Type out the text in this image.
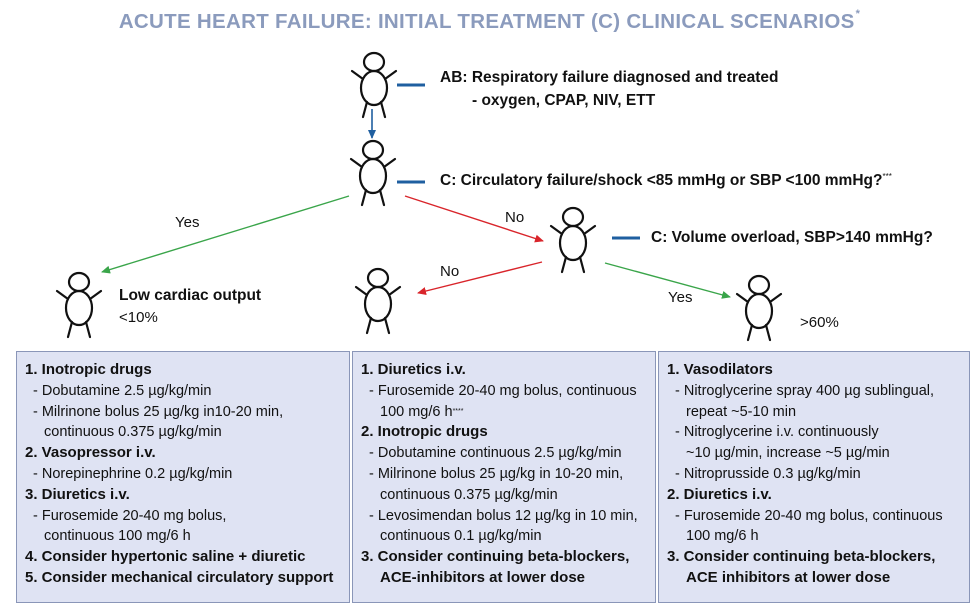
ACUTE HEART FAILURE: INITIAL TREATMENT (C) CLINICAL SCENARIOS*
AB: Respiratory failure diagnosed and treated
- oxygen, CPAP, NIV, ETT
C: Circulatory failure/shock <85 mmHg or SBP <100 mmHg?***
C: Volume overload, SBP>140 mmHg?
Low cardiac output
<10%	>60%
Yes	No
No
Yes
1. Inotropic drugs
- Dobutamine 2.5 µg/kg/min
- Milrinone bolus 25 µg/kg in10-20 min,
continuous 0.375 µg/kg/min
2. Vasopressor i.v.
- Norepinephrine 0.2 µg/kg/min
3. Diuretics i.v.
- Furosemide 20-40 mg bolus,
continuous 100 mg/6 h
4. Consider hypertonic saline + diuretic
5. Consider mechanical circulatory support
1. Diuretics i.v.
- Furosemide 20-40 mg bolus, continuous
100 mg/6 h****
2. Inotropic drugs
- Dobutamine continuous 2.5 µg/kg/min
- Milrinone bolus 25 µg/kg in 10-20 min,
continuous 0.375 µg/kg/min
- Levosimendan bolus 12 µg/kg in 10 min,
continuous 0.1 µg/kg/min
3. Consider continuing beta-blockers,
ACE-inhibitors at lower dose
1. Vasodilators
- Nitroglycerine spray 400 µg sublingual,
repeat ~5-10 min
- Nitroglycerine i.v. continuously
~10 µg/min, increase ~5 µg/min
- Nitroprusside 0.3 µg/kg/min
2. Diuretics i.v.
- Furosemide 20-40 mg bolus, continuous
100 mg/6 h
3. Consider continuing beta-blockers,
ACE inhibitors at lower dose
